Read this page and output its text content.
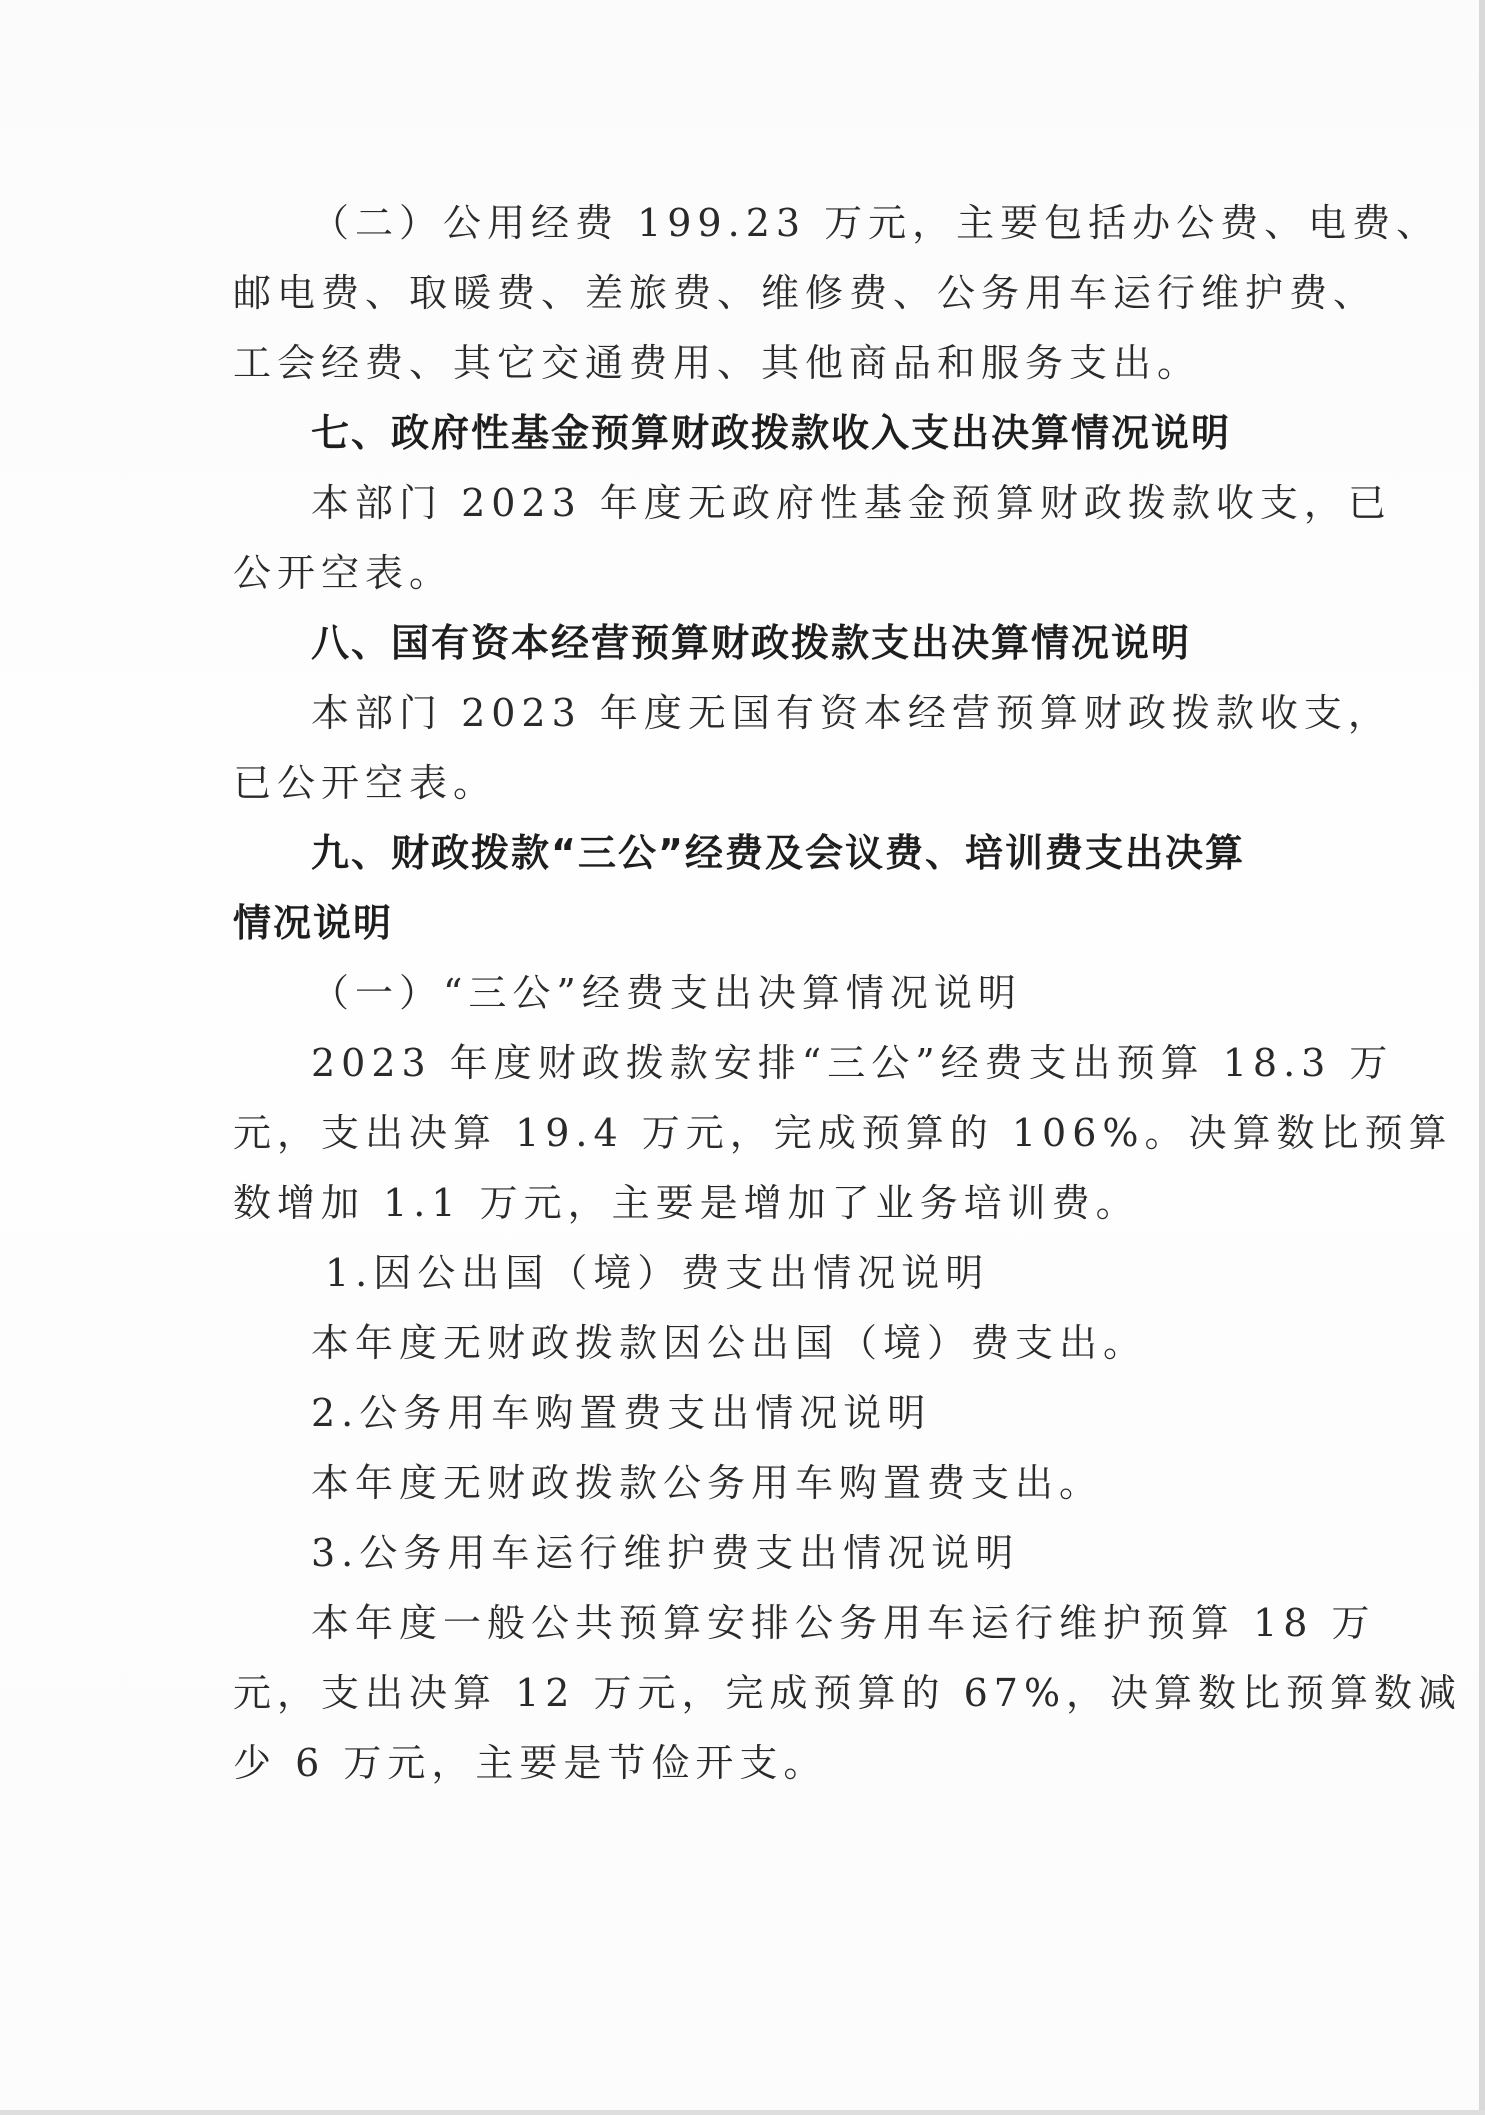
（二）公用经费 199.23 万元，主要包括办公费、电费、
邮电费、取暖费、差旅费、维修费、公务用车运行维护费、
工会经费、其它交通费用、其他商品和服务支出。
七、政府性基金预算财政拨款收入支出决算情况说明
本部门 2023 年度无政府性基金预算财政拨款收支，已
公开空表。
八、国有资本经营预算财政拨款支出决算情况说明
本部门 2023 年度无国有资本经营预算财政拨款收支，
已公开空表。
九、财政拨款“三公”经费及会议费、培训费支出决算
情况说明
（一）“三公”经费支出决算情况说明
2023 年度财政拨款安排“三公”经费支出预算 18.3 万
元，支出决算 19.4 万元，完成预算的 106%。决算数比预算
数增加 1.1 万元，主要是增加了业务培训费。
1.因公出国（境）费支出情况说明
本年度无财政拨款因公出国（境）费支出。
2.公务用车购置费支出情况说明
本年度无财政拨款公务用车购置费支出。
3.公务用车运行维护费支出情况说明
本年度一般公共预算安排公务用车运行维护预算 18 万
元，支出决算 12 万元，完成预算的 67%，决算数比预算数减
少 6 万元，主要是节俭开支。
